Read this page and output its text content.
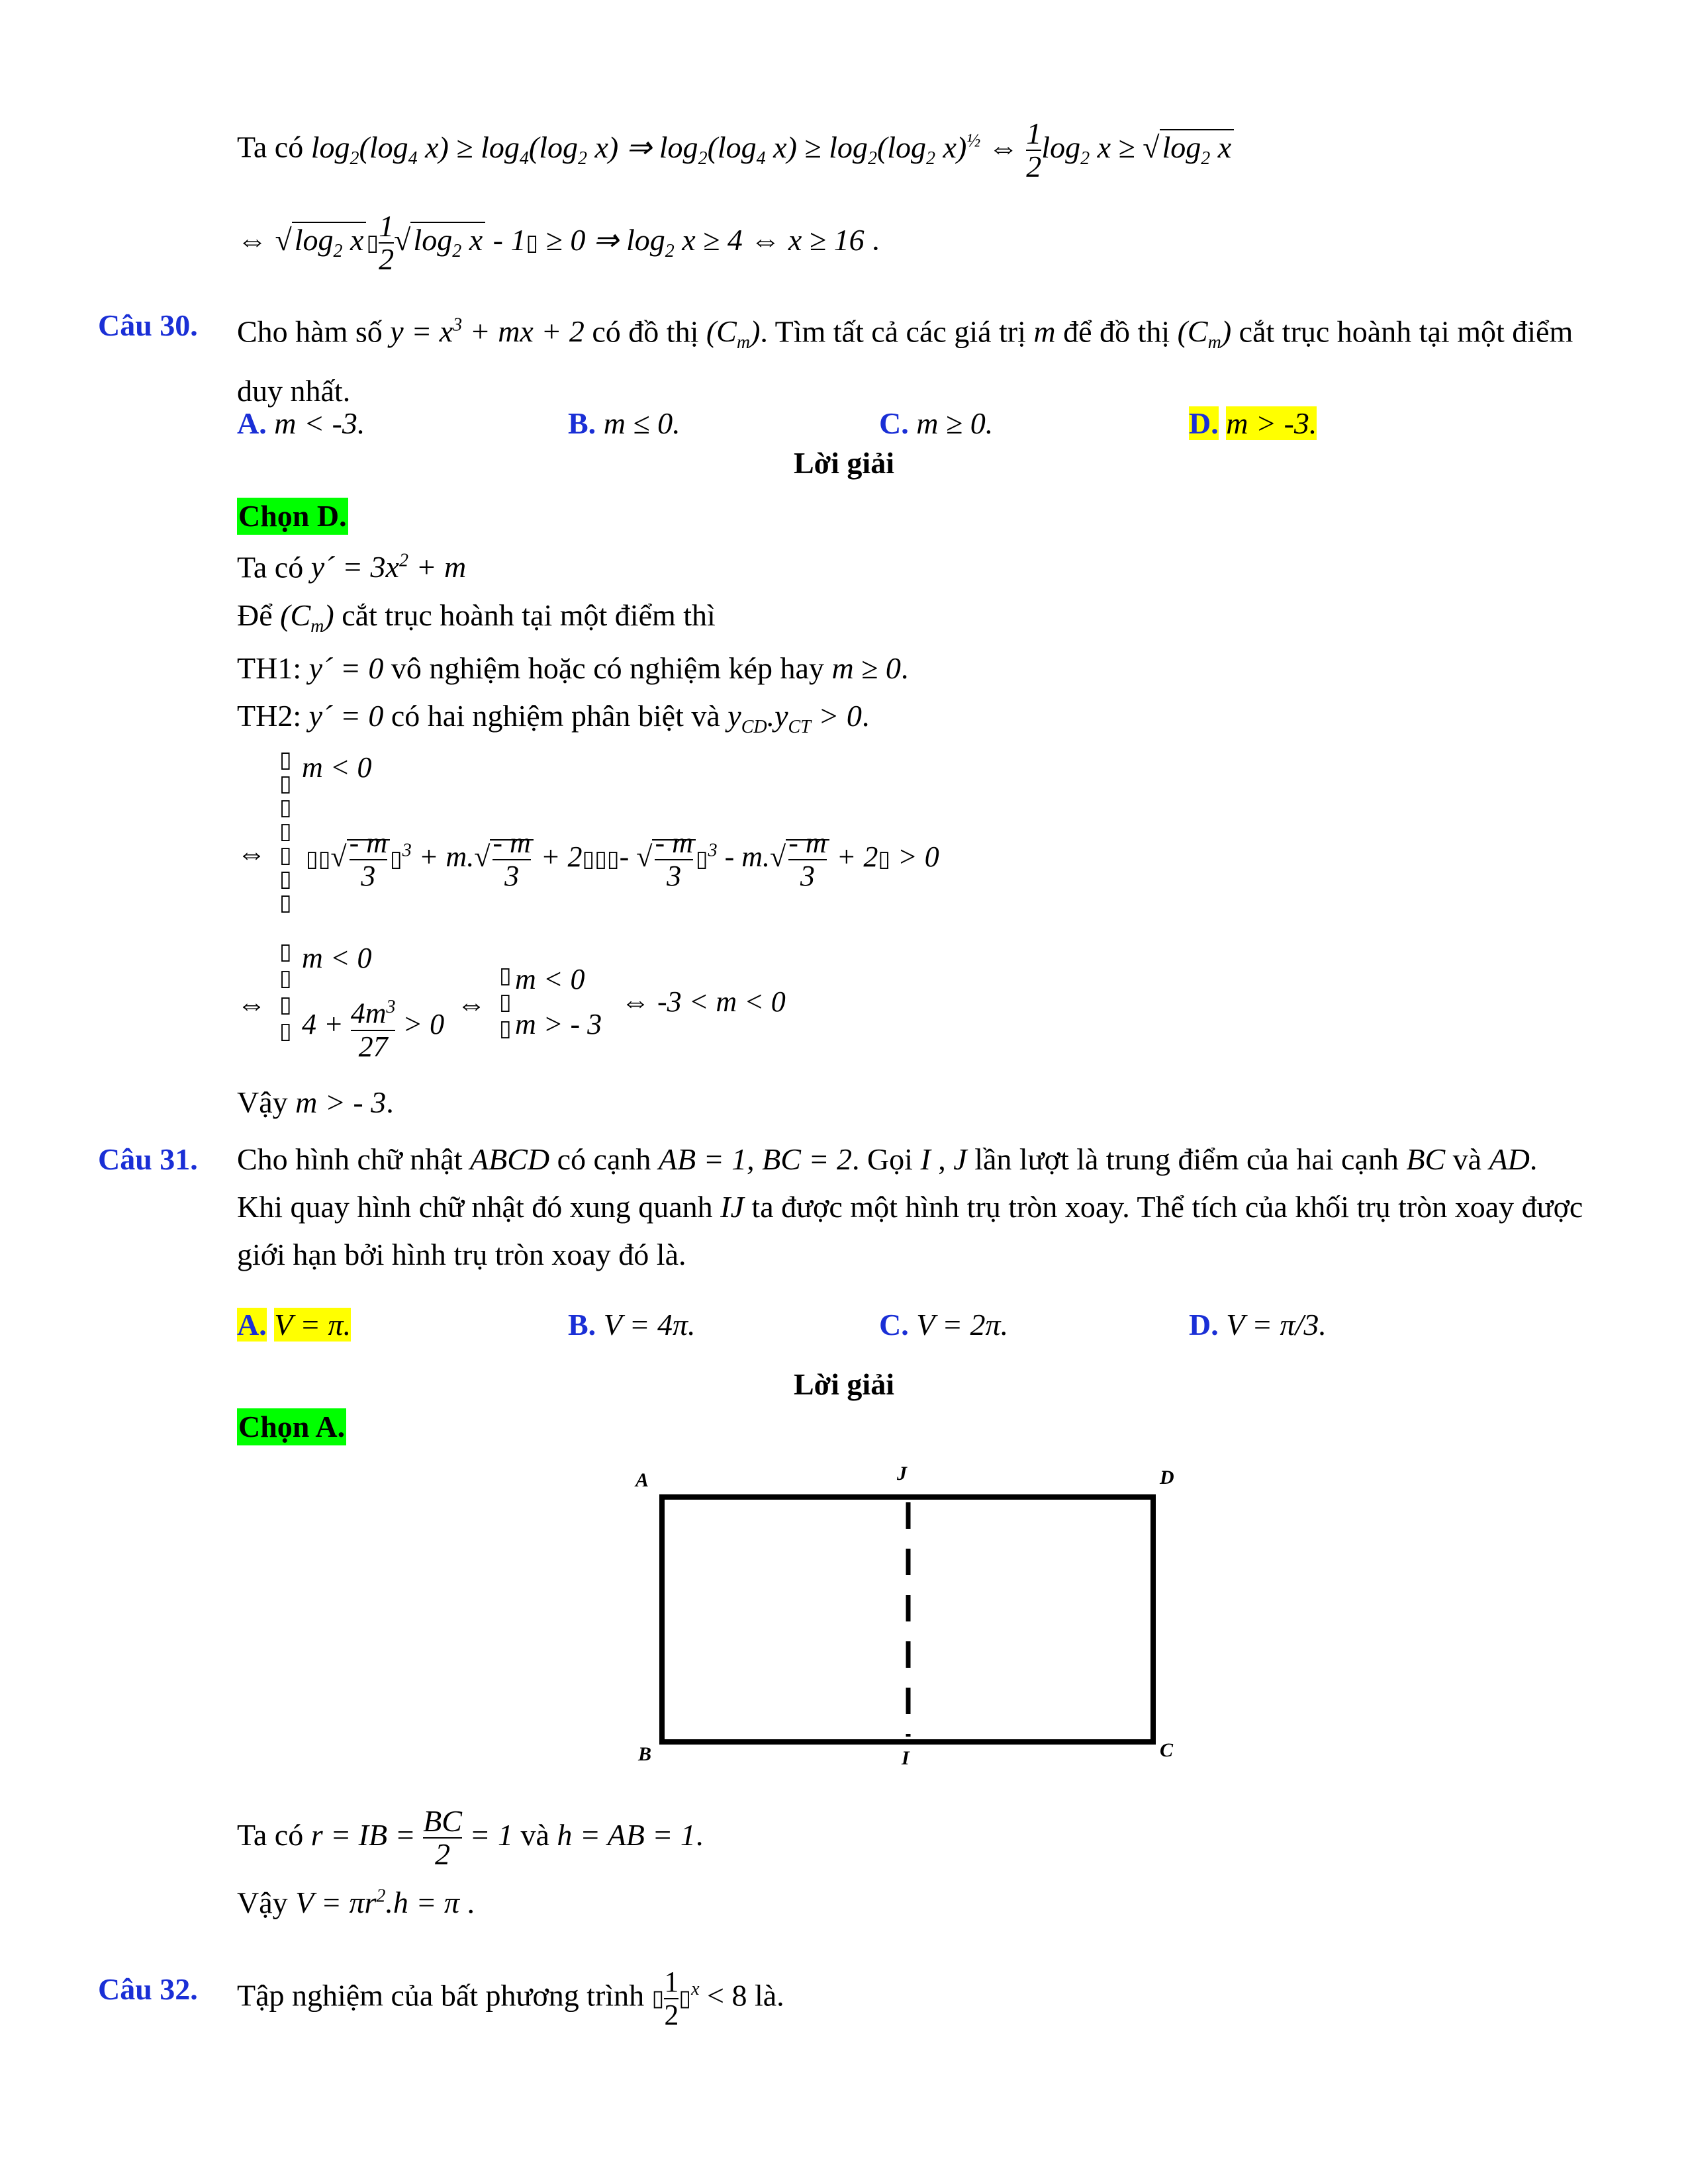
Ta có $\log_2(\log_4$ $x) \ge \log_4(\log_2$ x) ⇒ $\log_2(\log_4$ $x) \ge \log_2(\log_2$ x)$^{\frac{1}{2}}$ ⇔ $\frac{1}{2} \log_2 x \ge √\log_2$ x
⇔ $√\log_2$ x ▯ $\frac{1}{2} √\log_2$ x - 1▯ ≥ 0 ⇒ $\log_2 x \ge 4$ ⇔ x ≥ 16 .
Câu 30. Cho hàm số $y = x^3$ + mx + 2 có đồ thị $(C_m)$. Tìm tất cả các giá trị m để đồ thị $(C_m)$ cắt trục hoành tại một điểm duy nhất.
A. m < -3.	B. m ≤ 0.	C. m ≥ 0.	D. m > -3.
Lời giải
Chọn D.
Ta có y´ = $3x^2 + m$
Để $(C_m)$ cắt trục hoành tại một điểm thì
TH1: y´ = 0 vô nghiệm hoặc có nghiệm kép hay m ≥ 0.
TH2: y´ = 0 có hai nghiệm phân biệt và $y_{CD}.y_{CT} > 0$.
⇔
▯
▯
▯
▯
▯
▯
▯
m < 0
▯▯√ $\frac{- m}{3}$ ▯$^3$ + $m.√ \frac{- m}{3}$ + 2▯▯▯- √ $\frac{- m}{3}$ ▯$^3$ - $m.√ \frac{- m}{3}$ + 2▯ > 0
⇔
▯
▯
▯
▯
m < 0
$4 + \frac{4m^3}{27} > 0$
⇔
▯
▯
▯
m < 0
m > - 3
⇔ -3 < m < 0
Vậy m > - 3.
Câu 31. Cho hình chữ nhật ABCD có cạnh AB = 1, BC = 2. Gọi I , J lần lượt là trung điểm của hai cạnh BC và AD. Khi quay hình chữ nhật đó xung quanh IJ ta được một hình trụ tròn xoay. Thể tích của khối trụ tròn xoay được giới hạn bởi hình trụ tròn xoay đó là.
A. V = π.	B. V = 4π.	C. V = 2π.	D. V = π/3.
Lời giải
Chọn A.
A	J	D
B	I	C
Ta có r = IB = $\frac{BC}{2} = 1$ và h = AB = 1.
Vậy $V = \pi r^2.h = \pi$ .
Câu 32. Tập nghiệm của bất phương trình ▯ $\frac{1}{2}$ ▯$^x$ < 8 là.
